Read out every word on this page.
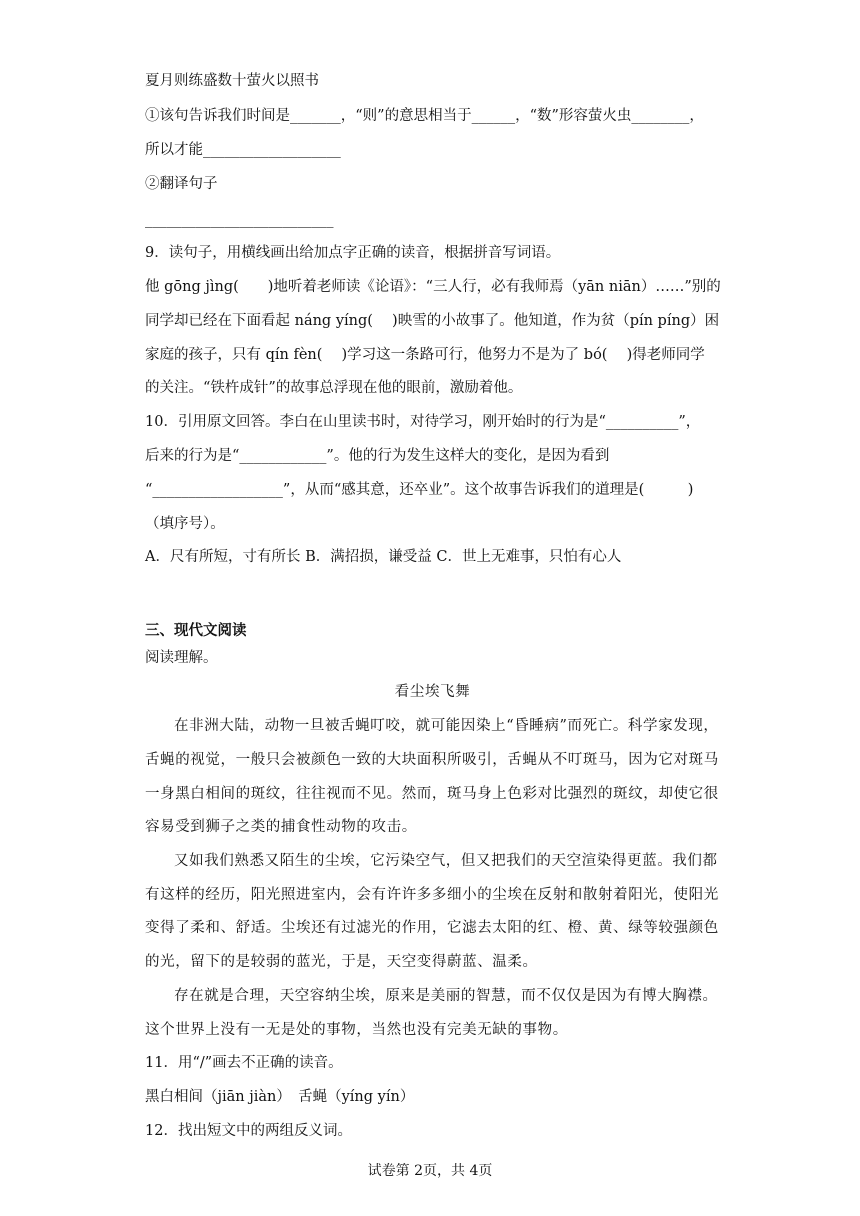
夏月则练盛数十萤火以照书
①该句告诉我们时间是_______，“则”的意思相当于______，“数”形容萤火虫________，
所以才能___________________
②翻译句子
__________________________
9．读句子，用横线画出给加点字正确的读音，根据拼音写词语。
他 gōng jìng(　　)地听着老师读《论语》：“三人行，必有我师焉（yān niān）……”别的
同学却已经在下面看起 náng yíng(　 )映雪的小故事了。他知道，作为贫（pín píng）困
家庭的孩子，只有 qín fèn(　 )学习这一条路可行，他努力不是为了 bó(　 )得老师同学
的关注。“铁杵成针”的故事总浮现在他的眼前，激励着他。
10．引用原文回答。李白在山里读书时，对待学习，刚开始时的行为是“__________”，
后来的行为是“____________”。他的行为发生这样大的变化，是因为看到
“__________________”，从而“感其意，还卒业”。这个故事告诉我们的道理是(　　　)
（填序号）。
A．尺有所短，寸有所长 B．满招损，谦受益 C．世上无难事，只怕有心人
三、现代文阅读
阅读理解。
看尘埃飞舞
在非洲大陆，动物一旦被舌蝇叮咬，就可能因染上“昏睡病”而死亡。科学家发现，
舌蝇的视觉，一般只会被颜色一致的大块面积所吸引，舌蝇从不叮斑马，因为它对斑马
一身黑白相间的斑纹，往往视而不见。然而，斑马身上色彩对比强烈的斑纹，却使它很
容易受到狮子之类的捕食性动物的攻击。
又如我们熟悉又陌生的尘埃，它污染空气，但又把我们的天空渲染得更蓝。我们都
有这样的经历，阳光照进室内，会有许许多多细小的尘埃在反射和散射着阳光，使阳光
变得了柔和、舒适。尘埃还有过滤光的作用，它滤去太阳的红、橙、黄、绿等较强颜色
的光，留下的是较弱的蓝光，于是，天空变得蔚蓝、温柔。
存在就是合理，天空容纳尘埃，原来是美丽的智慧，而不仅仅是因为有博大胸襟。
这个世界上没有一无是处的事物，当然也没有完美无缺的事物。
11．用“/”画去不正确的读音。
黑白相间（jiān jiàn）　舌蝇（yíng yín）
12．找出短文中的两组反义词。
试卷第 2页，共 4页
